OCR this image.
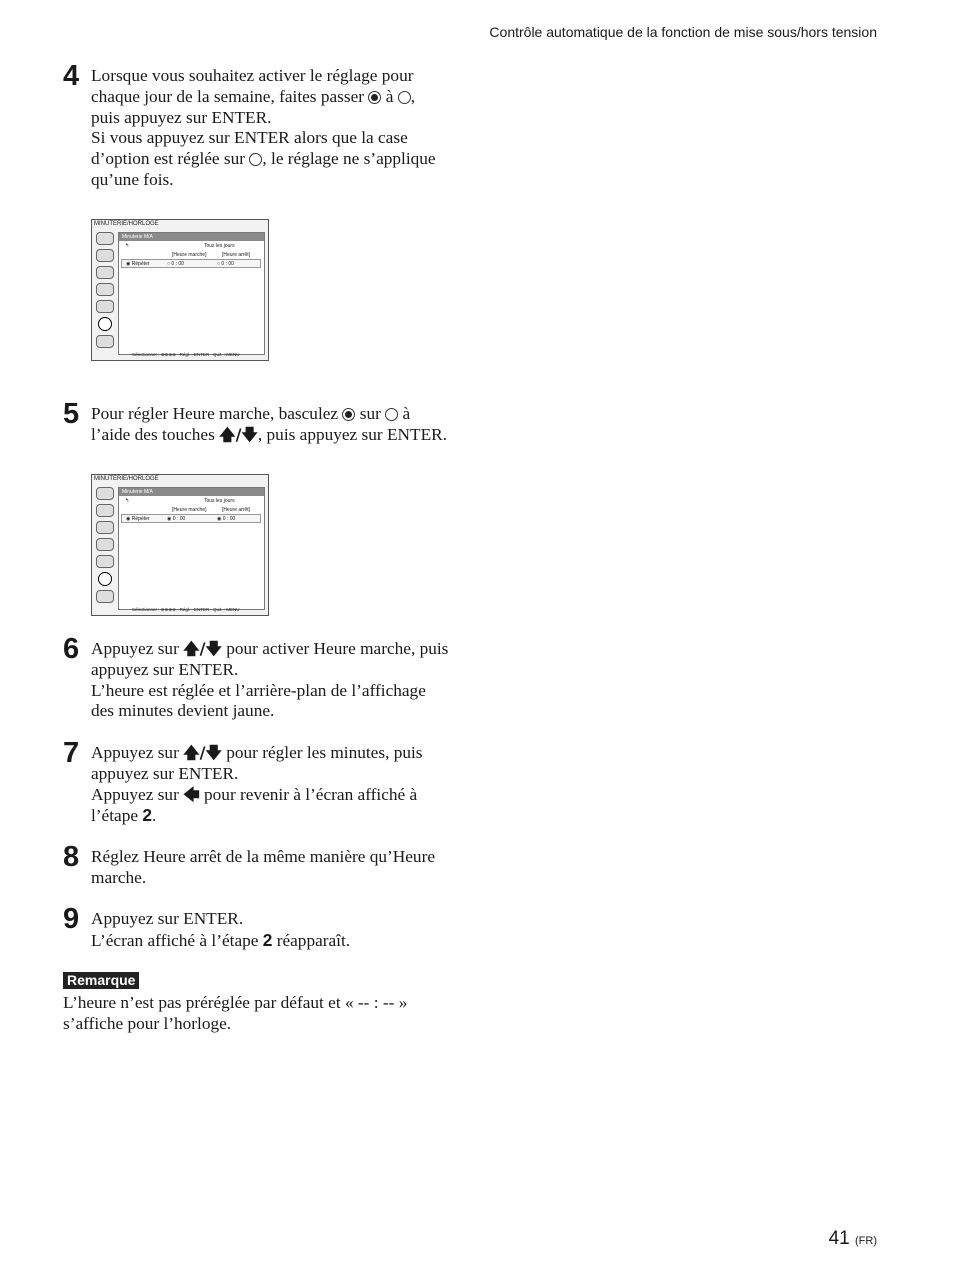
Contrôle automatique de la fonction de mise sous/hors tension
4 Lorsque vous souhaitez activer le réglage pour

chaque jour de la semaine, faites passer à ,

puis appuyez sur ENTER.

Si vous appuyez sur ENTER alors que la case

d’option est réglée sur , le réglage ne s’applique

qu’une fois.

MINUTERIE/HORLOGE
Minuterie M/A
↰	Tous les jours
[Heure marche]	[Heure arrêt]
◉ Répéter	○ 0 : 00	○ 0 : 00
Sélectionner : ⊕⊕⊕⊕   Régl. : ENTER Quit. : MENU
5 Pour régler Heure marche, basculez sur à

l’aide des touches 🡅/🡇, puis appuyez sur ENTER.

MINUTERIE/HORLOGE
Minuterie M/A
↰	Tous les jours
[Heure marche]	[Heure arrêt]
◉ Répéter	◉ 0 : 00	◉ 0 : 00
Sélectionner : ⊕⊕⊕⊕   Régl. : ENTER Quit. : MENU
6 Appuyez sur 🡅/🡇 pour activer Heure marche, puis

appuyez sur ENTER.

L’heure est réglée et l’arrière-plan de l’affichage

des minutes devient jaune.

7 Appuyez sur 🡅/🡇 pour régler les minutes, puis

appuyez sur ENTER.

Appuyez sur 🡄 pour revenir à l’écran affiché à

l’étape 2.

8 Réglez Heure arrêt de la même manière qu’Heure

marche.

9 Appuyez sur ENTER.

L’écran affiché à l’étape 2 réapparaît.

Remarque
L’heure n’est pas préréglée par défaut et « -- : -- »
s’affiche pour l’horloge.
41 (FR)
